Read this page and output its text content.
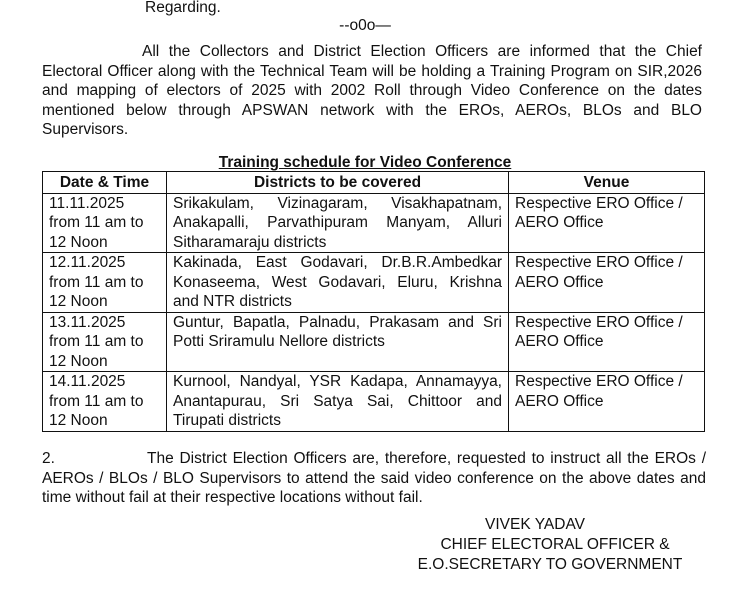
Regarding.
--o0o—
All the Collectors and District Election Officers are informed that the Chief Electoral Officer along with the Technical Team will be holding a Training Program on SIR,2026 and mapping of electors of 2025 with 2002 Roll through Video Conference on the dates mentioned below through APSWAN network with the EROs, AEROs, BLOs and BLO Supervisors.
Training schedule for Video Conference
Date & Time	Districts to be covered	Venue

11.11.2025
from 11 am to
12 Noon	Srikakulam, Vizinagaram, Visakhapatnam, Anakapalli, Parvathipuram Manyam, Alluri Sitharamaraju districts	Respective ERO Office / AERO Office

12.11.2025
from 11 am to
12 Noon	Kakinada, East Godavari, Dr.B.R.Ambedkar Konaseema, West Godavari, Eluru, Krishna and NTR districts	Respective ERO Office / AERO Office

13.11.2025
from 11 am to
12 Noon	Guntur, Bapatla, Palnadu, Prakasam and Sri Potti Sriramulu Nellore districts	Respective ERO Office / AERO Office

14.11.2025
from 11 am to
12 Noon	Kurnool, Nandyal, YSR Kadapa, Annamayya, Anantapurau, Sri Satya Sai, Chittoor and Tirupati districts	Respective ERO Office / AERO Office
2.	The District Election Officers are, therefore, requested to instruct all the EROs / AEROs / BLOs / BLO Supervisors to attend the said video conference on the above dates and time without fail at their respective locations without fail.
VIVEK YADAV
CHIEF ELECTORAL OFFICER &
E.O.SECRETARY TO GOVERNMENT
